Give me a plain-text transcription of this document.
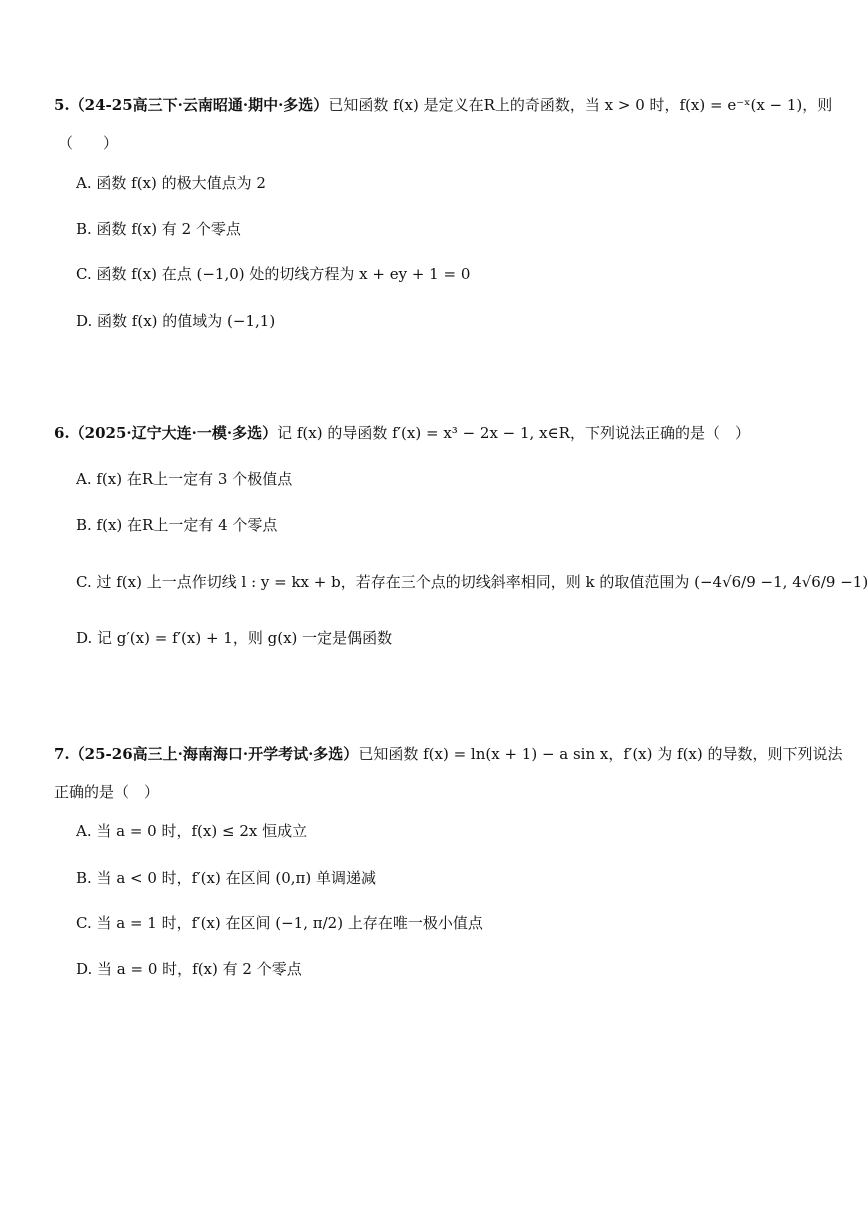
5.（24-25高三下·云南昭通·期中·多选） 已知函数 f(x) 是定义在R上的奇函数，当 x > 0 时，f(x) = e⁻ˣ(x − 1)，则
（　　）
A. 函数 f(x) 的极大值点为 2
B. 函数 f(x) 有 2 个零点
C. 函数 f(x) 在点 (−1,0) 处的切线方程为 x + ey + 1 = 0
D. 函数 f(x) 的值域为 (−1,1)
6.（2025·辽宁大连·一模·多选） 记 f(x) 的导函数 f′(x) = x³ − 2x − 1, x∈R，下列说法正确的是（　）
A. f(x) 在R上一定有 3 个极值点
B. f(x) 在R上一定有 4 个零点
C. 过 f(x) 上一点作切线 l : y = kx + b，若存在三个点的切线斜率相同，则 k 的取值范围为 (−4√6/9 −1, 4√6/9 −1)
D. 记 g′(x) = f′(x) + 1，则 g(x) 一定是偶函数
7.（25-26高三上·海南海口·开学考试·多选） 已知函数 f(x) = ln(x + 1) − a sin x，f′(x) 为 f(x) 的导数，则下列说法
正确的是（　）
A. 当 a = 0 时，f(x) ≤ 2x 恒成立
B. 当 a < 0 时，f′(x) 在区间 (0,π) 单调递减
C. 当 a = 1 时，f′(x) 在区间 (−1, π/2) 上存在唯一极小值点
D. 当 a = 0 时，f(x) 有 2 个零点
